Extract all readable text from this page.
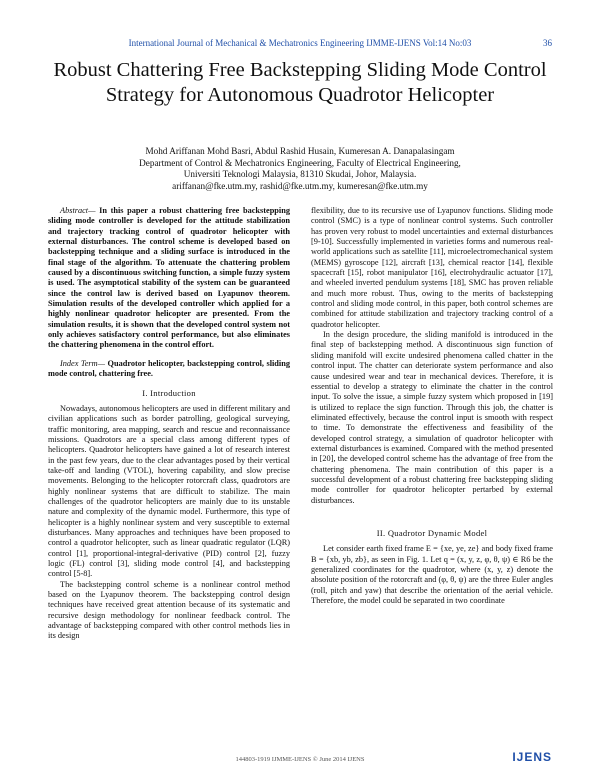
International Journal of Mechanical & Mechatronics Engineering IJMME-IJENS Vol:14 No:03	36
Robust Chattering Free Backstepping Sliding Mode Control Strategy for Autonomous Quadrotor Helicopter
Mohd Ariffanan Mohd Basri, Abdul Rashid Husain, Kumeresan A. Danapalasingam
Department of Control & Mechatronics Engineering, Faculty of Electrical Engineering,
Universiti Teknologi Malaysia, 81310 Skudai, Johor, Malaysia.
ariffanan@fke.utm.my, rashid@fke.utm.my, kumeresan@fke.utm.my

Abstract— In this paper a robust chattering free backstepping sliding mode controller is developed for the attitude stabilization and trajectory tracking control of quadrotor helicopter with external disturbances. The control scheme is developed based on backstepping technique and a sliding surface is introduced in the final stage of the algorithm. To attenuate the chattering problem caused by a discontinuous switching function, a simple fuzzy system is used. The asymptotical stability of the system can be guaranteed since the control law is derived based on Lyapunov theorem. Simulation results of the developed controller which applied for a highly nonlinear quadrotor helicopter are presented. From the simulation results, it is shown that the developed control system not only achieves satisfactory control performance, but also eliminates the chattering phenomena in the control effort.

Index Term— Quadrotor helicopter, backstepping control, sliding mode control, chattering free.

I. Introduction

Nowadays, autonomous helicopters are used in different military and civilian applications such as border patrolling, geological surveying, traffic monitoring, area mapping, search and rescue and reconnaissance missions. Quadrotors are a special class among different types of helicopters. Quadrotor helicopters have gained a lot of research interest in the past few years, due to the clear advantages posed by their vertical take-off and landing (VTOL), hovering capability, and slow precise movements. Belonging to the helicopter rotorcraft class, quadrotors are highly nonlinear systems that are difficult to stabilize. The main challenges of the quadrotor helicopters are mainly due to its unstable nature and complexity of the dynamic model. Furthermore, this type of helicopter is a highly nonlinear system and very susceptible to external disturbances. Many approaches and techniques have been proposed to control a quadrotor helicopter, such as linear quadratic regulator (LQR) control [1], proportional-integral-derivative (PID) control [2], fuzzy logic (FL) control [3], sliding mode control [4], and backstepping control [5-8].

The backstepping control scheme is a nonlinear control method based on the Lyapunov theorem. The backstepping control design techniques have received great attention because of its systematic and recursive design methodology for nonlinear feedback control. The advantage of backstepping compared with other control methods lies in its design

flexibility, due to its recursive use of Lyapunov functions. Sliding mode control (SMC) is a type of nonlinear control systems. Such controller has proven very robust to model uncertainties and external disturbances [9-10]. Successfully implemented in varieties forms and numerous real-world applications such as satellite [11], microelectromechanical system (MEMS) gyroscope [12], aircraft [13], chemical reactor [14], flexible spacecraft [15], robot manipulator [16], electrohydraulic actuator [17], and wheeled inverted pendulum systems [18], SMC has proven reliable and much more robust. Thus, owing to the merits of backstepping control and sliding mode control, in this paper, both control schemes are combined for attitude stabilization and trajectory tracking control of a quadrotor helicopter.

In the design procedure, the sliding manifold is introduced in the final step of backstepping method. A discontinuous sign function of sliding manifold will excite undesired phenomena called chatter in the control input. The chatter can deteriorate system performance and also cause undesired wear and tear in mechanical devices. Therefore, it is essential to develop a strategy to eliminate the chatter in the control input. To solve the issue, a simple fuzzy system which proposed in [19] is utilized to replace the sign function. Through this job, the chatter is eliminated effectively, because the control input is smooth with respect to time. To demonstrate the effectiveness and feasibility of the developed control strategy, a simulation of quadrotor helicopter with external disturbances is examined. Compared with the method presented in [20], the developed control scheme has the advantage of free from the chattering phenomena. The main contribution of this paper is a successful development of a robust chattering free backstepping sliding mode controller for quadrotor helicopter pertarbed by external disturbances.

II. Quadrotor Dynamic Model

Let consider earth fixed frame E = {xe, ye, ze} and body fixed frame B = {xb, yb, zb}, as seen in Fig. 1. Let q = (x, y, z, φ, θ, ψ) ∈ R6 be the generalized coordinates for the quadrotor, where (x, y, z) denote the absolute position of the rotorcraft and (φ, θ, ψ) are the three Euler angles (roll, pitch and yaw) that describe the orientation of the aerial vehicle. Therefore, the model could be separated in two coordinate

144803-1919 IJMME-IJENS © June 2014 IJENS	IJENS
